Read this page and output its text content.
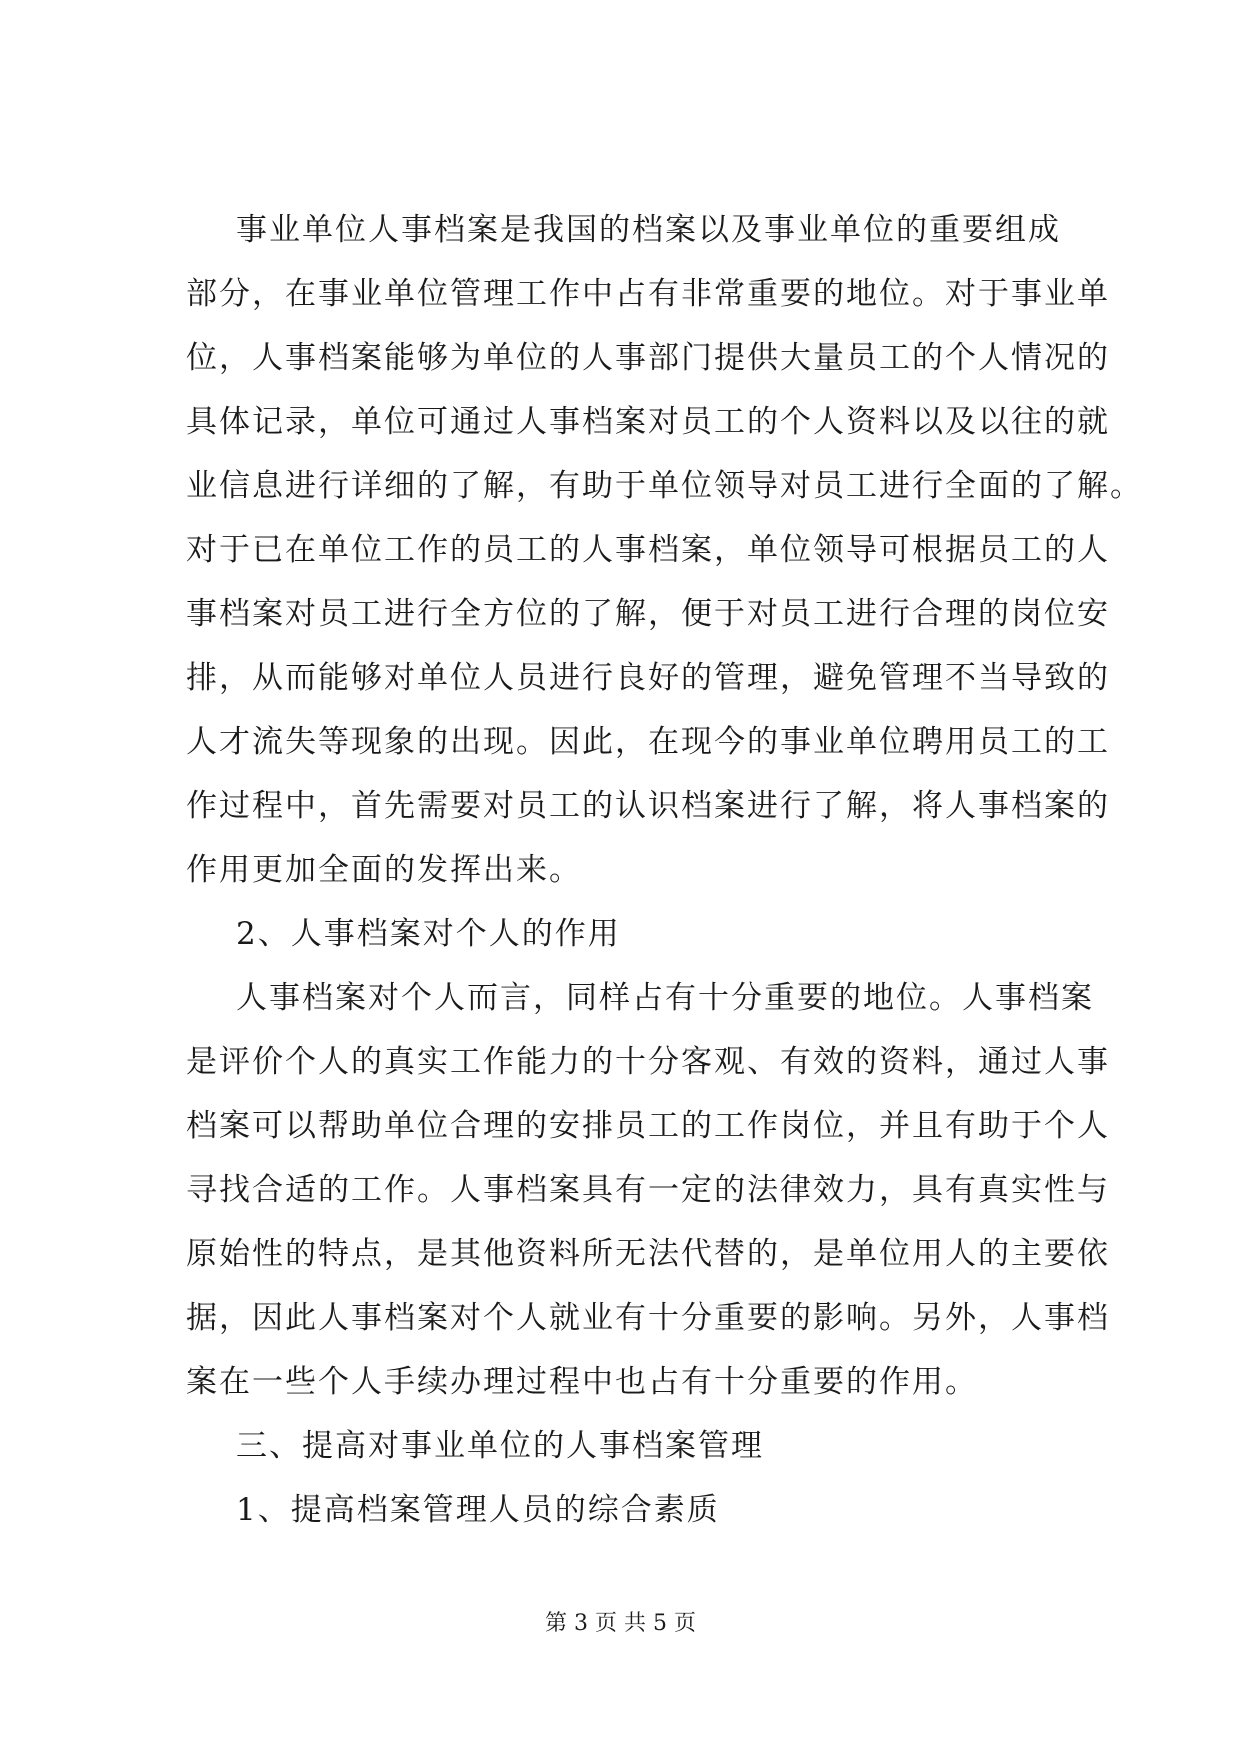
事业单位人事档案是我国的档案以及事业单位的重要组成
部分，在事业单位管理工作中占有非常重要的地位。对于事业单
位，人事档案能够为单位的人事部门提供大量员工的个人情况的
具体记录，单位可通过人事档案对员工的个人资料以及以往的就
业信息进行详细的了解，有助于单位领导对员工进行全面的了解。
对于已在单位工作的员工的人事档案，单位领导可根据员工的人
事档案对员工进行全方位的了解，便于对员工进行合理的岗位安
排，从而能够对单位人员进行良好的管理，避免管理不当导致的
人才流失等现象的出现。因此，在现今的事业单位聘用员工的工
作过程中，首先需要对员工的认识档案进行了解，将人事档案的
作用更加全面的发挥出来。
2、人事档案对个人的作用
人事档案对个人而言，同样占有十分重要的地位。人事档案
是评价个人的真实工作能力的十分客观、有效的资料，通过人事
档案可以帮助单位合理的安排员工的工作岗位，并且有助于个人
寻找合适的工作。人事档案具有一定的法律效力，具有真实性与
原始性的特点，是其他资料所无法代替的，是单位用人的主要依
据，因此人事档案对个人就业有十分重要的影响。另外，人事档
案在一些个人手续办理过程中也占有十分重要的作用。
三、提高对事业单位的人事档案管理
1、提高档案管理人员的综合素质
第 3 页 共 5 页
